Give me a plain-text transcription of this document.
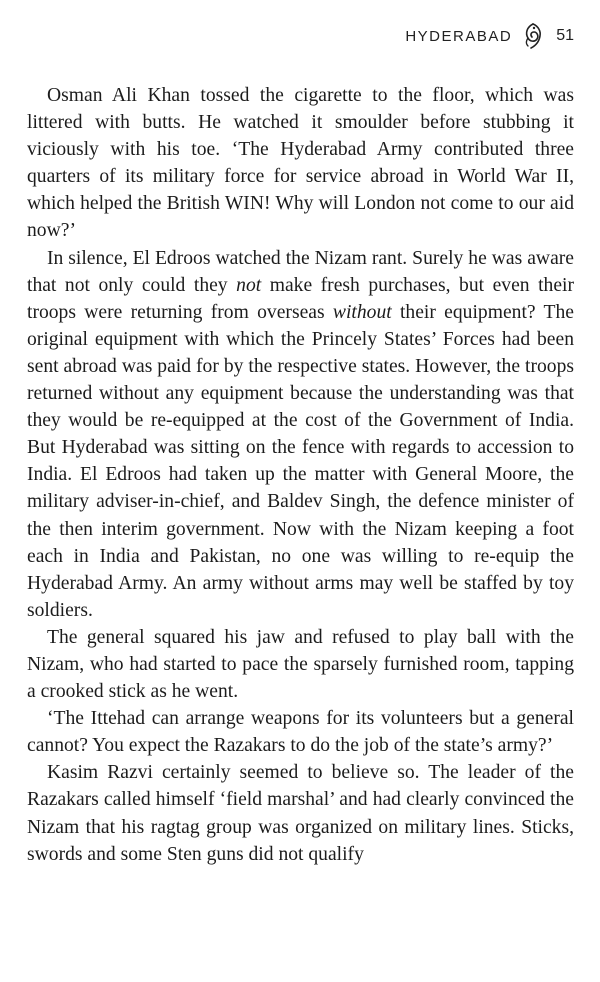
HYDERABAD	51

Osman Ali Khan tossed the cigarette to the floor, which was littered with butts. He watched it smoulder before stubbing it viciously with his toe. ‘The Hyderabad Army contributed three quarters of its military force for service abroad in World War II, which helped the British WIN! Why will London not come to our aid now?’

In silence, El Edroos watched the Nizam rant. Surely he was aware that not only could they not make fresh purchases, but even their troops were returning from overseas without their equipment? The original equipment with which the Princely States’ Forces had been sent abroad was paid for by the respective states. However, the troops returned without any equipment because the understanding was that they would be re-equipped at the cost of the Government of India. But Hyderabad was sitting on the fence with regards to accession to India. El Edroos had taken up the matter with General Moore, the military adviser-in-chief, and Baldev Singh, the defence minister of the then interim government. Now with the Nizam keeping a foot each in India and Pakistan, no one was willing to re-equip the Hyderabad Army. An army without arms may well be staffed by toy soldiers.

The general squared his jaw and refused to play ball with the Nizam, who had started to pace the sparsely furnished room, tapping a crooked stick as he went.

‘The Ittehad can arrange weapons for its volunteers but a general cannot? You expect the Razakars to do the job of the state’s army?’

Kasim Razvi certainly seemed to believe so. The leader of the Razakars called himself ‘field marshal’ and had clearly convinced the Nizam that his ragtag group was organized on military lines. Sticks, swords and some Sten guns did not qualify
